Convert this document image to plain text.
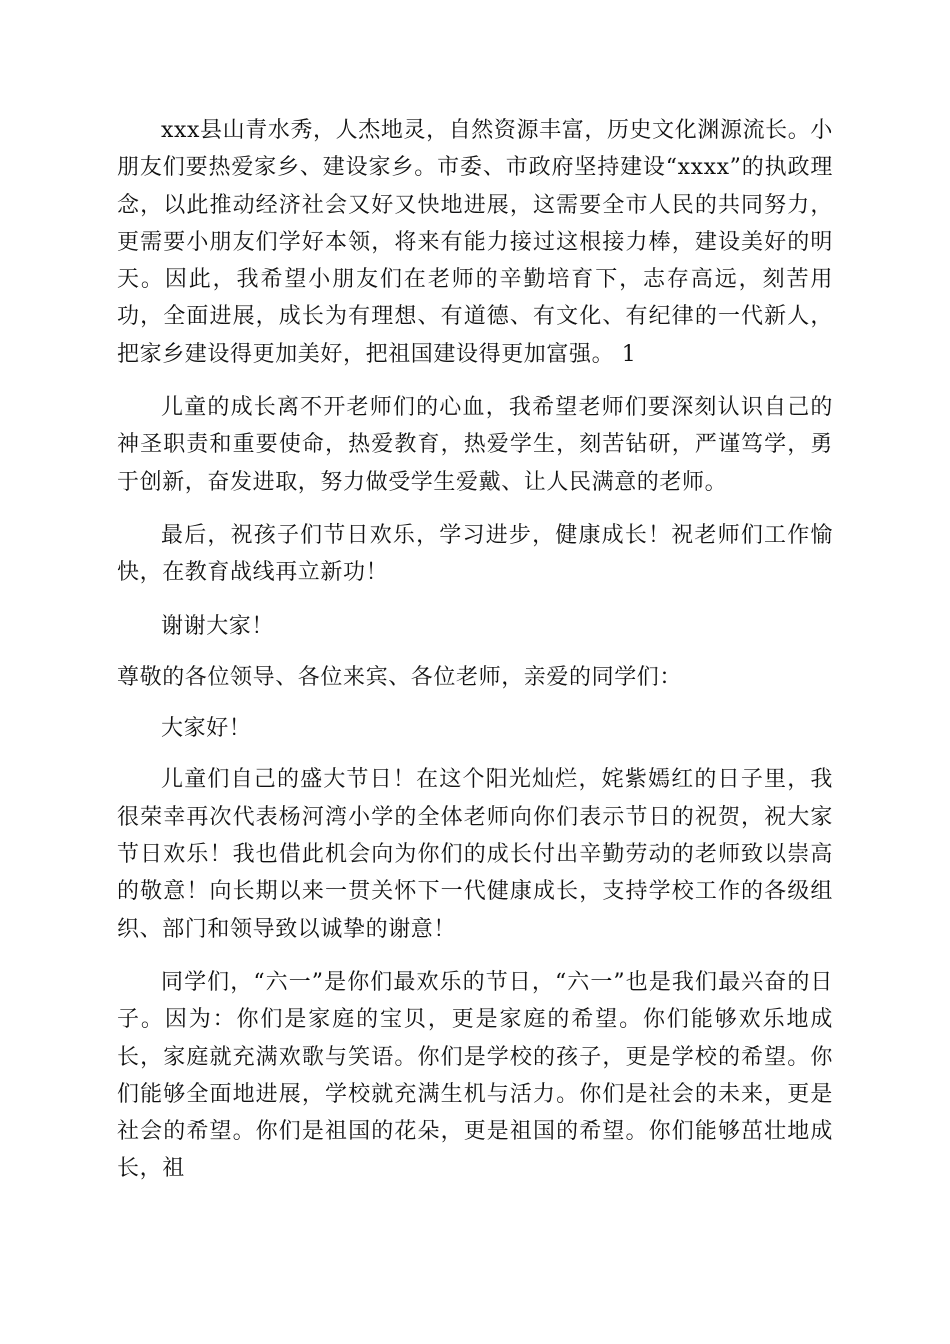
xxx县山青水秀，人杰地灵，自然资源丰富，历史文化渊源流长。小朋友们要热爱家乡、建设家乡。市委、市政府坚持建设“xxxx”的执政理念，以此推动经济社会又好又快地进展，这需要全市人民的共同努力，更需要小朋友们学好本领，将来有能力接过这根接力棒，建设美好的明天。因此，我希望小朋友们在老师的辛勤培育下，志存高远，刻苦用功，全面进展，成长为有理想、有道德、有文化、有纪律的一代新人，把家乡建设得更加美好，把祖国建设得更加富强。 1

儿童的成长离不开老师们的心血，我希望老师们要深刻认识自己的神圣职责和重要使命，热爱教育，热爱学生，刻苦钻研，严谨笃学，勇于创新，奋发进取，努力做受学生爱戴、让人民满意的老师。

最后，祝孩子们节日欢乐，学习进步，健康成长！祝老师们工作愉快，在教育战线再立新功！

谢谢大家！

尊敬的各位领导、各位来宾、各位老师，亲爱的同学们：

大家好！

儿童们自己的盛大节日！在这个阳光灿烂，姹紫嫣红的日子里，我很荣幸再次代表杨河湾小学的全体老师向你们表示节日的祝贺，祝大家节日欢乐！我也借此机会向为你们的成长付出辛勤劳动的老师致以崇高的敬意！向长期以来一贯关怀下一代健康成长，支持学校工作的各级组织、部门和领导致以诚挚的谢意！

同学们，“六一”是你们最欢乐的节日，“六一”也是我们最兴奋的日子。因为：你们是家庭的宝贝，更是家庭的希望。你们能够欢乐地成长，家庭就充满欢歌与笑语。你们是学校的孩子，更是学校的希望。你们能够全面地进展，学校就充满生机与活力。你们是社会的未来，更是社会的希望。你们是祖国的花朵，更是祖国的希望。你们能够茁壮地成长，祖
